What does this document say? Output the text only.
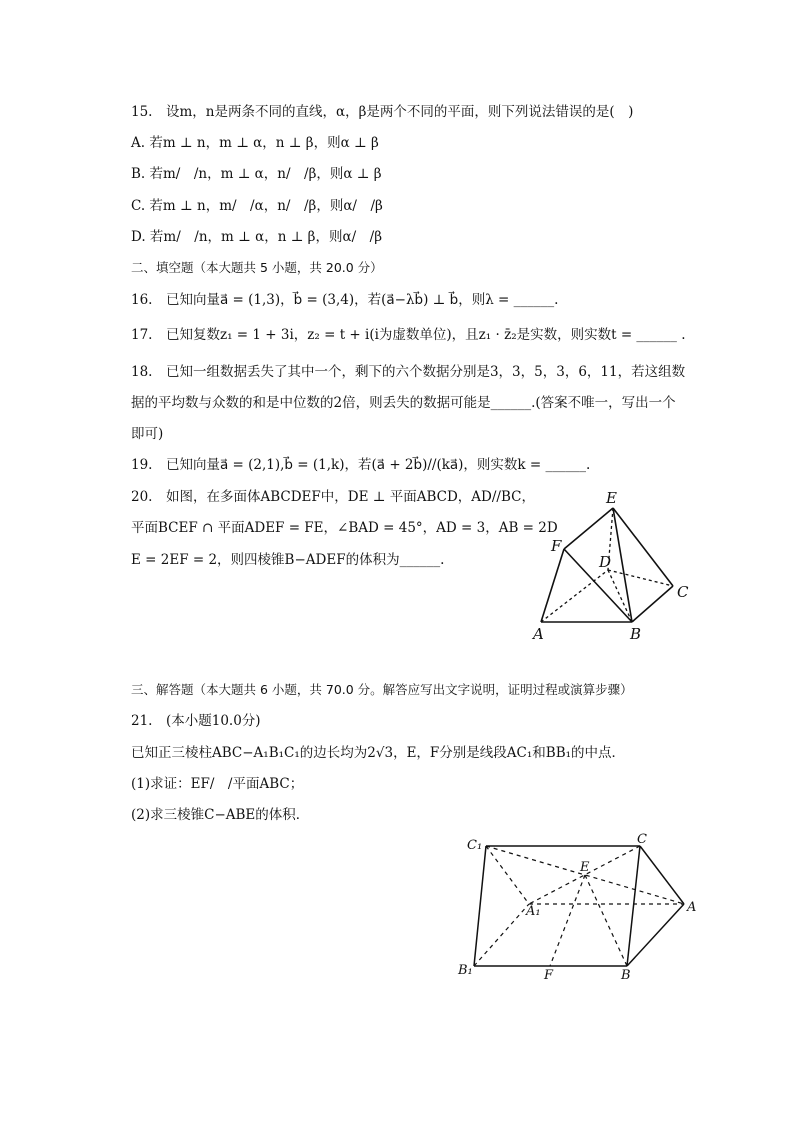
15.　设m，n是两条不同的直线，α，β是两个不同的平面，则下列说法错误的是(　)
A. 若m ⊥ n，m ⊥ α，n ⊥ β，则α ⊥ β
B. 若m/　/n，m ⊥ α，n/　/β，则α ⊥ β
C. 若m ⊥ n，m/　/α，n/　/β，则α/　/β
D. 若m/　/n，m ⊥ α，n ⊥ β，则α/　/β
二、填空题（本大题共 5 小题，共 20.0 分）
16.　已知向量a⃗ = (1,3)，b⃗ = (3,4)，若(a⃗−λb⃗) ⊥ b⃗，则λ = ______.
17.　已知复数z₁ = 1 + 3i，z₂ = t + i(i为虚数单位)，且z₁ · z̄₂是实数，则实数t = ______ .
18.　已知一组数据丢失了其中一个，剩下的六个数据分别是3，3，5，3，6，11，若这组数
据的平均数与众数的和是中位数的2倍，则丢失的数据可能是______.(答案不唯一，写出一个
即可)
19.　已知向量a⃗ = (2,1),b⃗ = (1,k)，若(a⃗ + 2b⃗)//(ka⃗)，则实数k = ______.
20.　如图，在多面体ABCDEF中，DE ⊥ 平面ABCD，AD//BC，
平面BCEF ∩ 平面ADEF = FE，∠BAD = 45°，AD = 3，AB = 2D
E = 2EF = 2，则四棱锥B−ADEF的体积为______.
E
F
D
C
A	B
三、解答题（本大题共 6 小题，共 70.0 分。解答应写出文字说明，证明过程或演算步骤）
21.　(本小题10.0分)
已知正三棱柱ABC−A₁B₁C₁的边长均为2√3，E，F分别是线段AC₁和BB₁的中点．
(1)求证：EF/　/平面ABC；
(2)求三棱锥C−ABE的体积．
C₁	C
E
A₁	A
B₁	F	B
